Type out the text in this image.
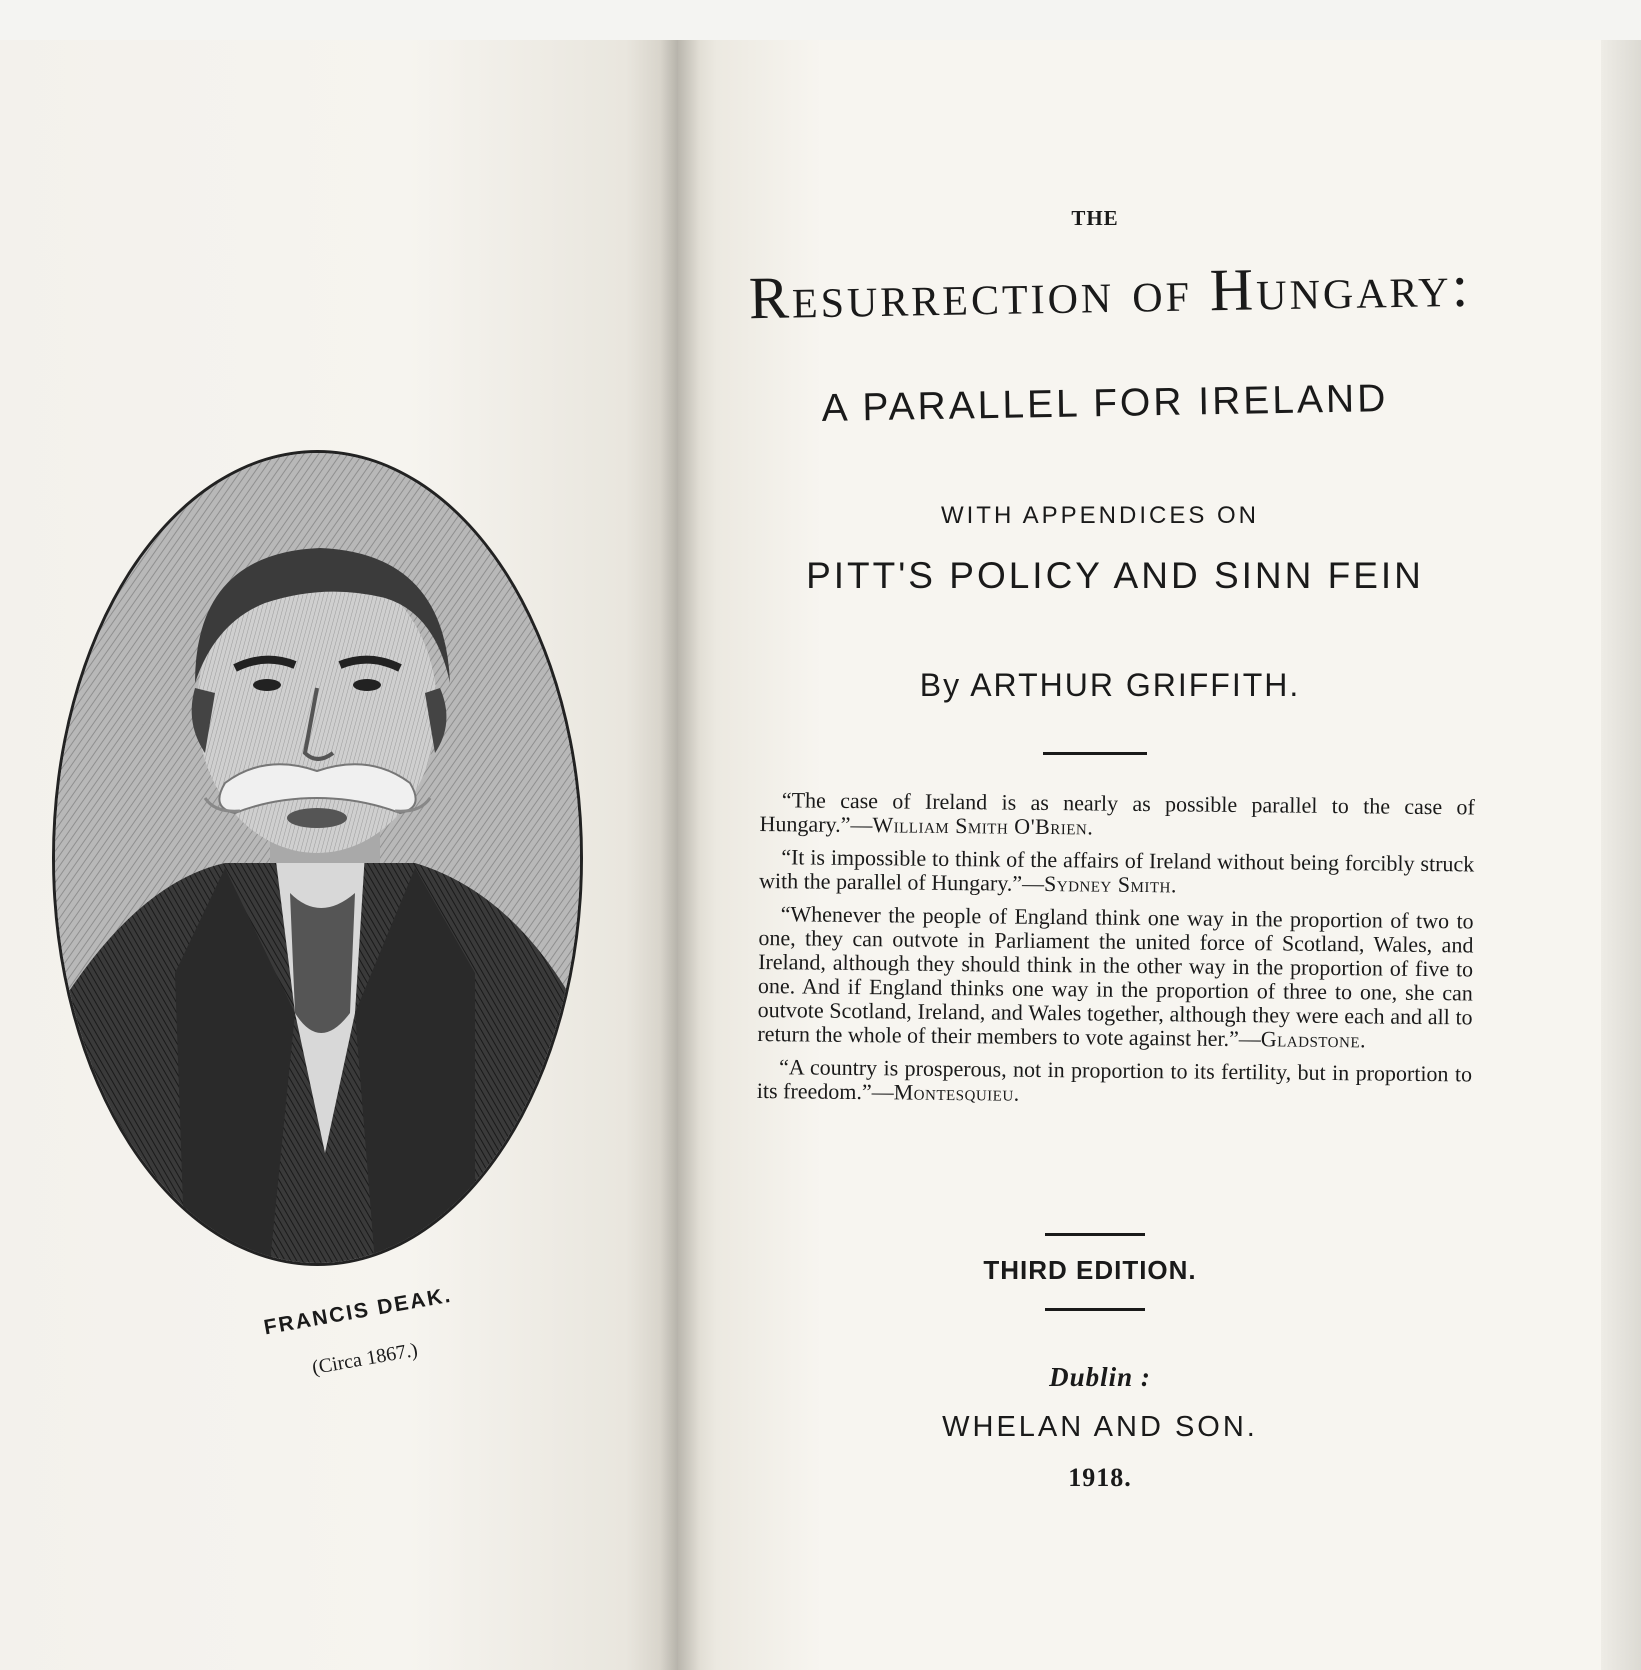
FRANCIS DEAK.
(Circa 1867.)
THE
Resurrection of Hungary:
A PARALLEL FOR IRELAND
WITH APPENDICES ON
PITT'S POLICY AND SINN FEIN
By ARTHUR GRIFFITH.

“The case of Ireland is as nearly as possible parallel to the case of Hungary.”—William Smith O'Brien.

“It is impossible to think of the affairs of Ireland without being forcibly struck with the parallel of Hungary.”—Sydney Smith.

“Whenever the people of England think one way in the proportion of two to one, they can outvote in Parliament the united force of Scotland, Wales, and Ireland, although they should think in the other way in the proportion of five to one. And if England thinks one way in the proportion of three to one, she can outvote Scotland, Ireland, and Wales together, although they were each and all to return the whole of their members to vote against her.”—Gladstone.

“A country is prosperous, not in proportion to its fertility, but in proportion to its freedom.”—Montesquieu.

THIRD EDITION.
Dublin :
WHELAN AND SON.
1918.
